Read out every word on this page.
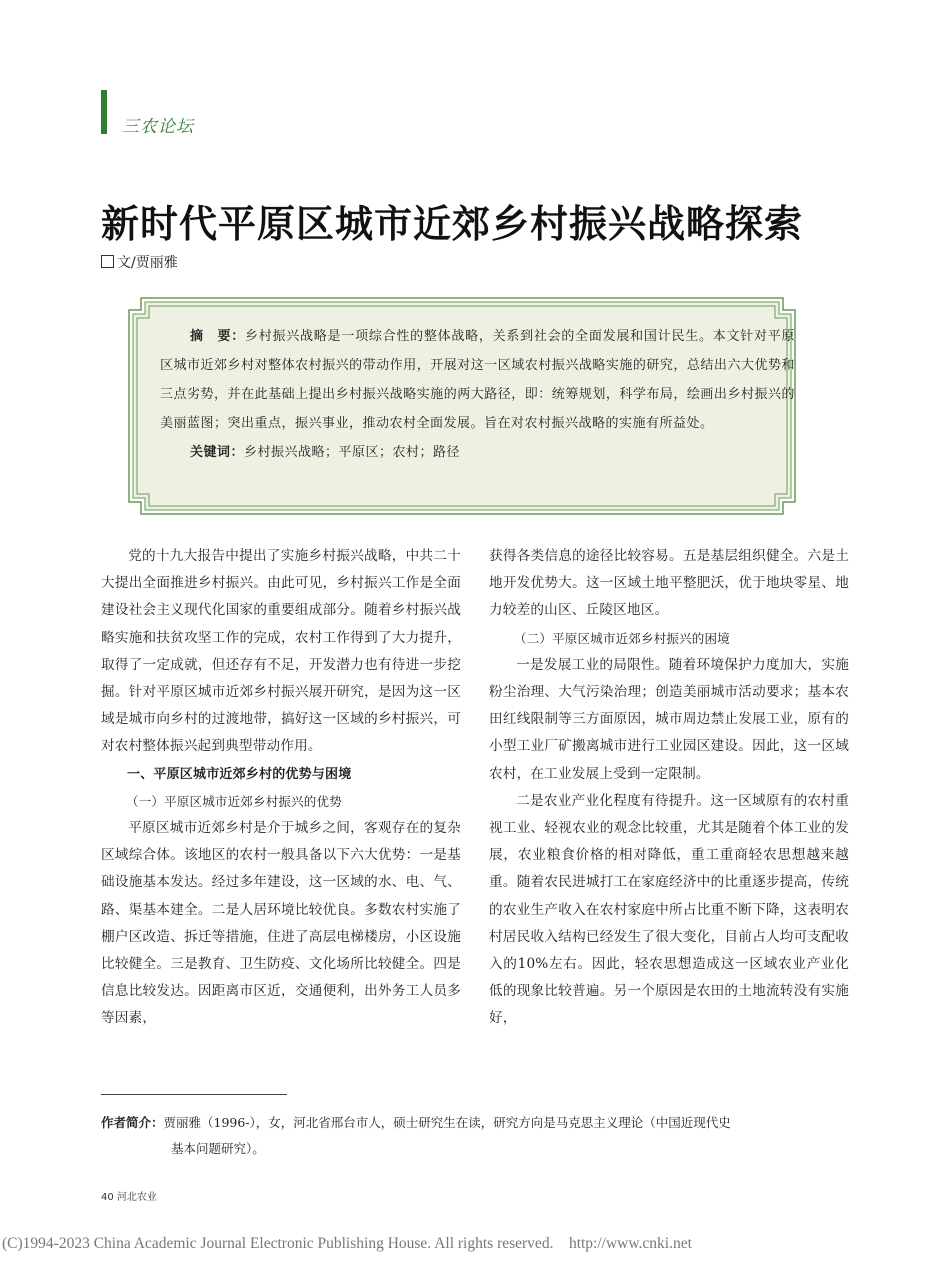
三农论坛
新时代平原区城市近郊乡村振兴战略探索
文/贾丽雅

摘　要：乡村振兴战略是一项综合性的整体战略，关系到社会的全面发展和国计民生。本文针对平原区城市近郊乡村对整体农村振兴的带动作用，开展对这一区域农村振兴战略实施的研究，总结出六大优势和三点劣势，并在此基础上提出乡村振兴战略实施的两大路径，即：统筹规划，科学布局，绘画出乡村振兴的美丽蓝图；突出重点，振兴事业，推动农村全面发展。旨在对农村振兴战略的实施有所益处。

关键词：乡村振兴战略；平原区；农村；路径

党的十九大报告中提出了实施乡村振兴战略，中共二十大提出全面推进乡村振兴。由此可见，乡村振兴工作是全面建设社会主义现代化国家的重要组成部分。随着乡村振兴战略实施和扶贫攻坚工作的完成，农村工作得到了大力提升，取得了一定成就，但还存有不足，开发潜力也有待进一步挖掘。针对平原区城市近郊乡村振兴展开研究，是因为这一区域是城市向乡村的过渡地带，搞好这一区域的乡村振兴，可对农村整体振兴起到典型带动作用。

一、平原区城市近郊乡村的优势与困境

（一）平原区城市近郊乡村振兴的优势

平原区城市近郊乡村是介于城乡之间，客观存在的复杂区域综合体。该地区的农村一般具备以下六大优势：一是基础设施基本发达。经过多年建设，这一区域的水、电、气、路、渠基本建全。二是人居环境比较优良。多数农村实施了棚户区改造、拆迁等措施，住进了高层电梯楼房，小区设施比较健全。三是教育、卫生防疫、文化场所比较健全。四是信息比较发达。因距离市区近，交通便利，出外务工人员多等因素，

获得各类信息的途径比较容易。五是基层组织健全。六是土地开发优势大。这一区域土地平整肥沃，优于地块零星、地力较差的山区、丘陵区地区。

（二）平原区城市近郊乡村振兴的困境

一是发展工业的局限性。随着环境保护力度加大，实施粉尘治理、大气污染治理；创造美丽城市活动要求；基本农田红线限制等三方面原因，城市周边禁止发展工业，原有的小型工业厂矿搬离城市进行工业园区建设。因此，这一区域农村，在工业发展上受到一定限制。

二是农业产业化程度有待提升。这一区域原有的农村重视工业、轻视农业的观念比较重，尤其是随着个体工业的发展，农业粮食价格的相对降低，重工重商轻农思想越来越重。随着农民进城打工在家庭经济中的比重逐步提高，传统的农业生产收入在农村家庭中所占比重不断下降，这表明农村居民收入结构已经发生了很大变化，目前占人均可支配收入的10%左右。因此，轻农思想造成这一区域农业产业化低的现象比较普遍。另一个原因是农田的土地流转没有实施好，

作者简介：贾丽雅（1996-），女，河北省邢台市人，硕士研究生在读，研究方向是马克思主义理论（中国近现代史
基本问题研究）。
40 河北农业
(C)1994-2023 China Academic Journal Electronic Publishing House. All rights reserved.    http://www.cnki.net
